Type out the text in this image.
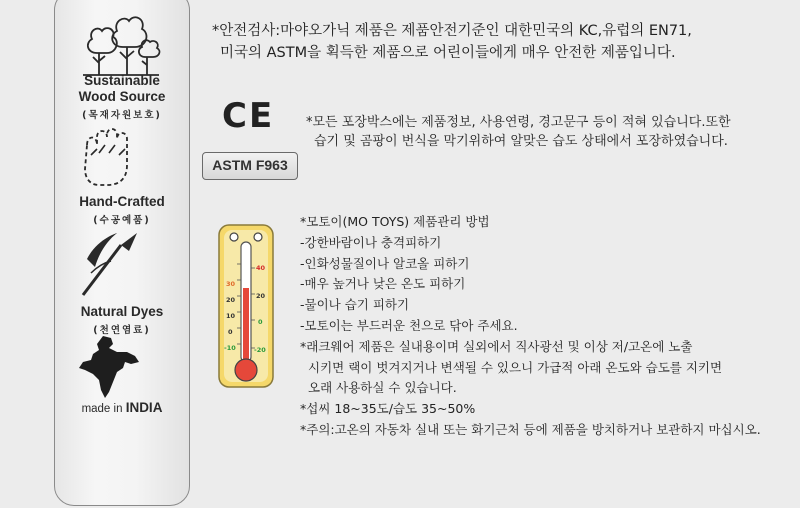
Sustainable
Wood Source
(목재자원보호)
Hand-Crafted
(수공예품)
Natural Dyes
(천연염료)
made in INDIA
*안전검사:마야오가닉 제품은 제품안전기준인 대한민국의 KC,유럽의 EN71,
미국의 ASTM을 획득한 제품으로 어린이들에게 매우 안전한 제품입니다.
CE
ASTM F963
*모든 포장박스에는 제품정보, 사용연령, 경고문구 등이 적혀 있습니다.또한
습기 및 곰팡이 번식을 막기위하여 알맞은 습도 상태에서 포장하였습니다.
30
20
10
0
-10
40
20
0
-20
*모토이(MO TOYS) 제품관리 방법
-강한바람이나 충격피하기
-인화성물질이나 알코올 피하기
-매우 높거나 낮은 온도 피하기
-물이나 습기 피하기
-모토이는 부드러운 천으로 닦아 주세요.
*래크웨어 제품은 실내용이며 실외에서 직사광선 및 이상 저/고온에 노출
시키면 랙이 벗겨지거나 변색될 수 있으니 가급적 아래 온도와 습도를 지키면
오래 사용하실 수 있습니다.
*섭씨 18~35도/습도 35~50%
*주의:고온의 자동차 실내 또는 화기근처 등에 제품을 방치하거나 보관하지 마십시오.
